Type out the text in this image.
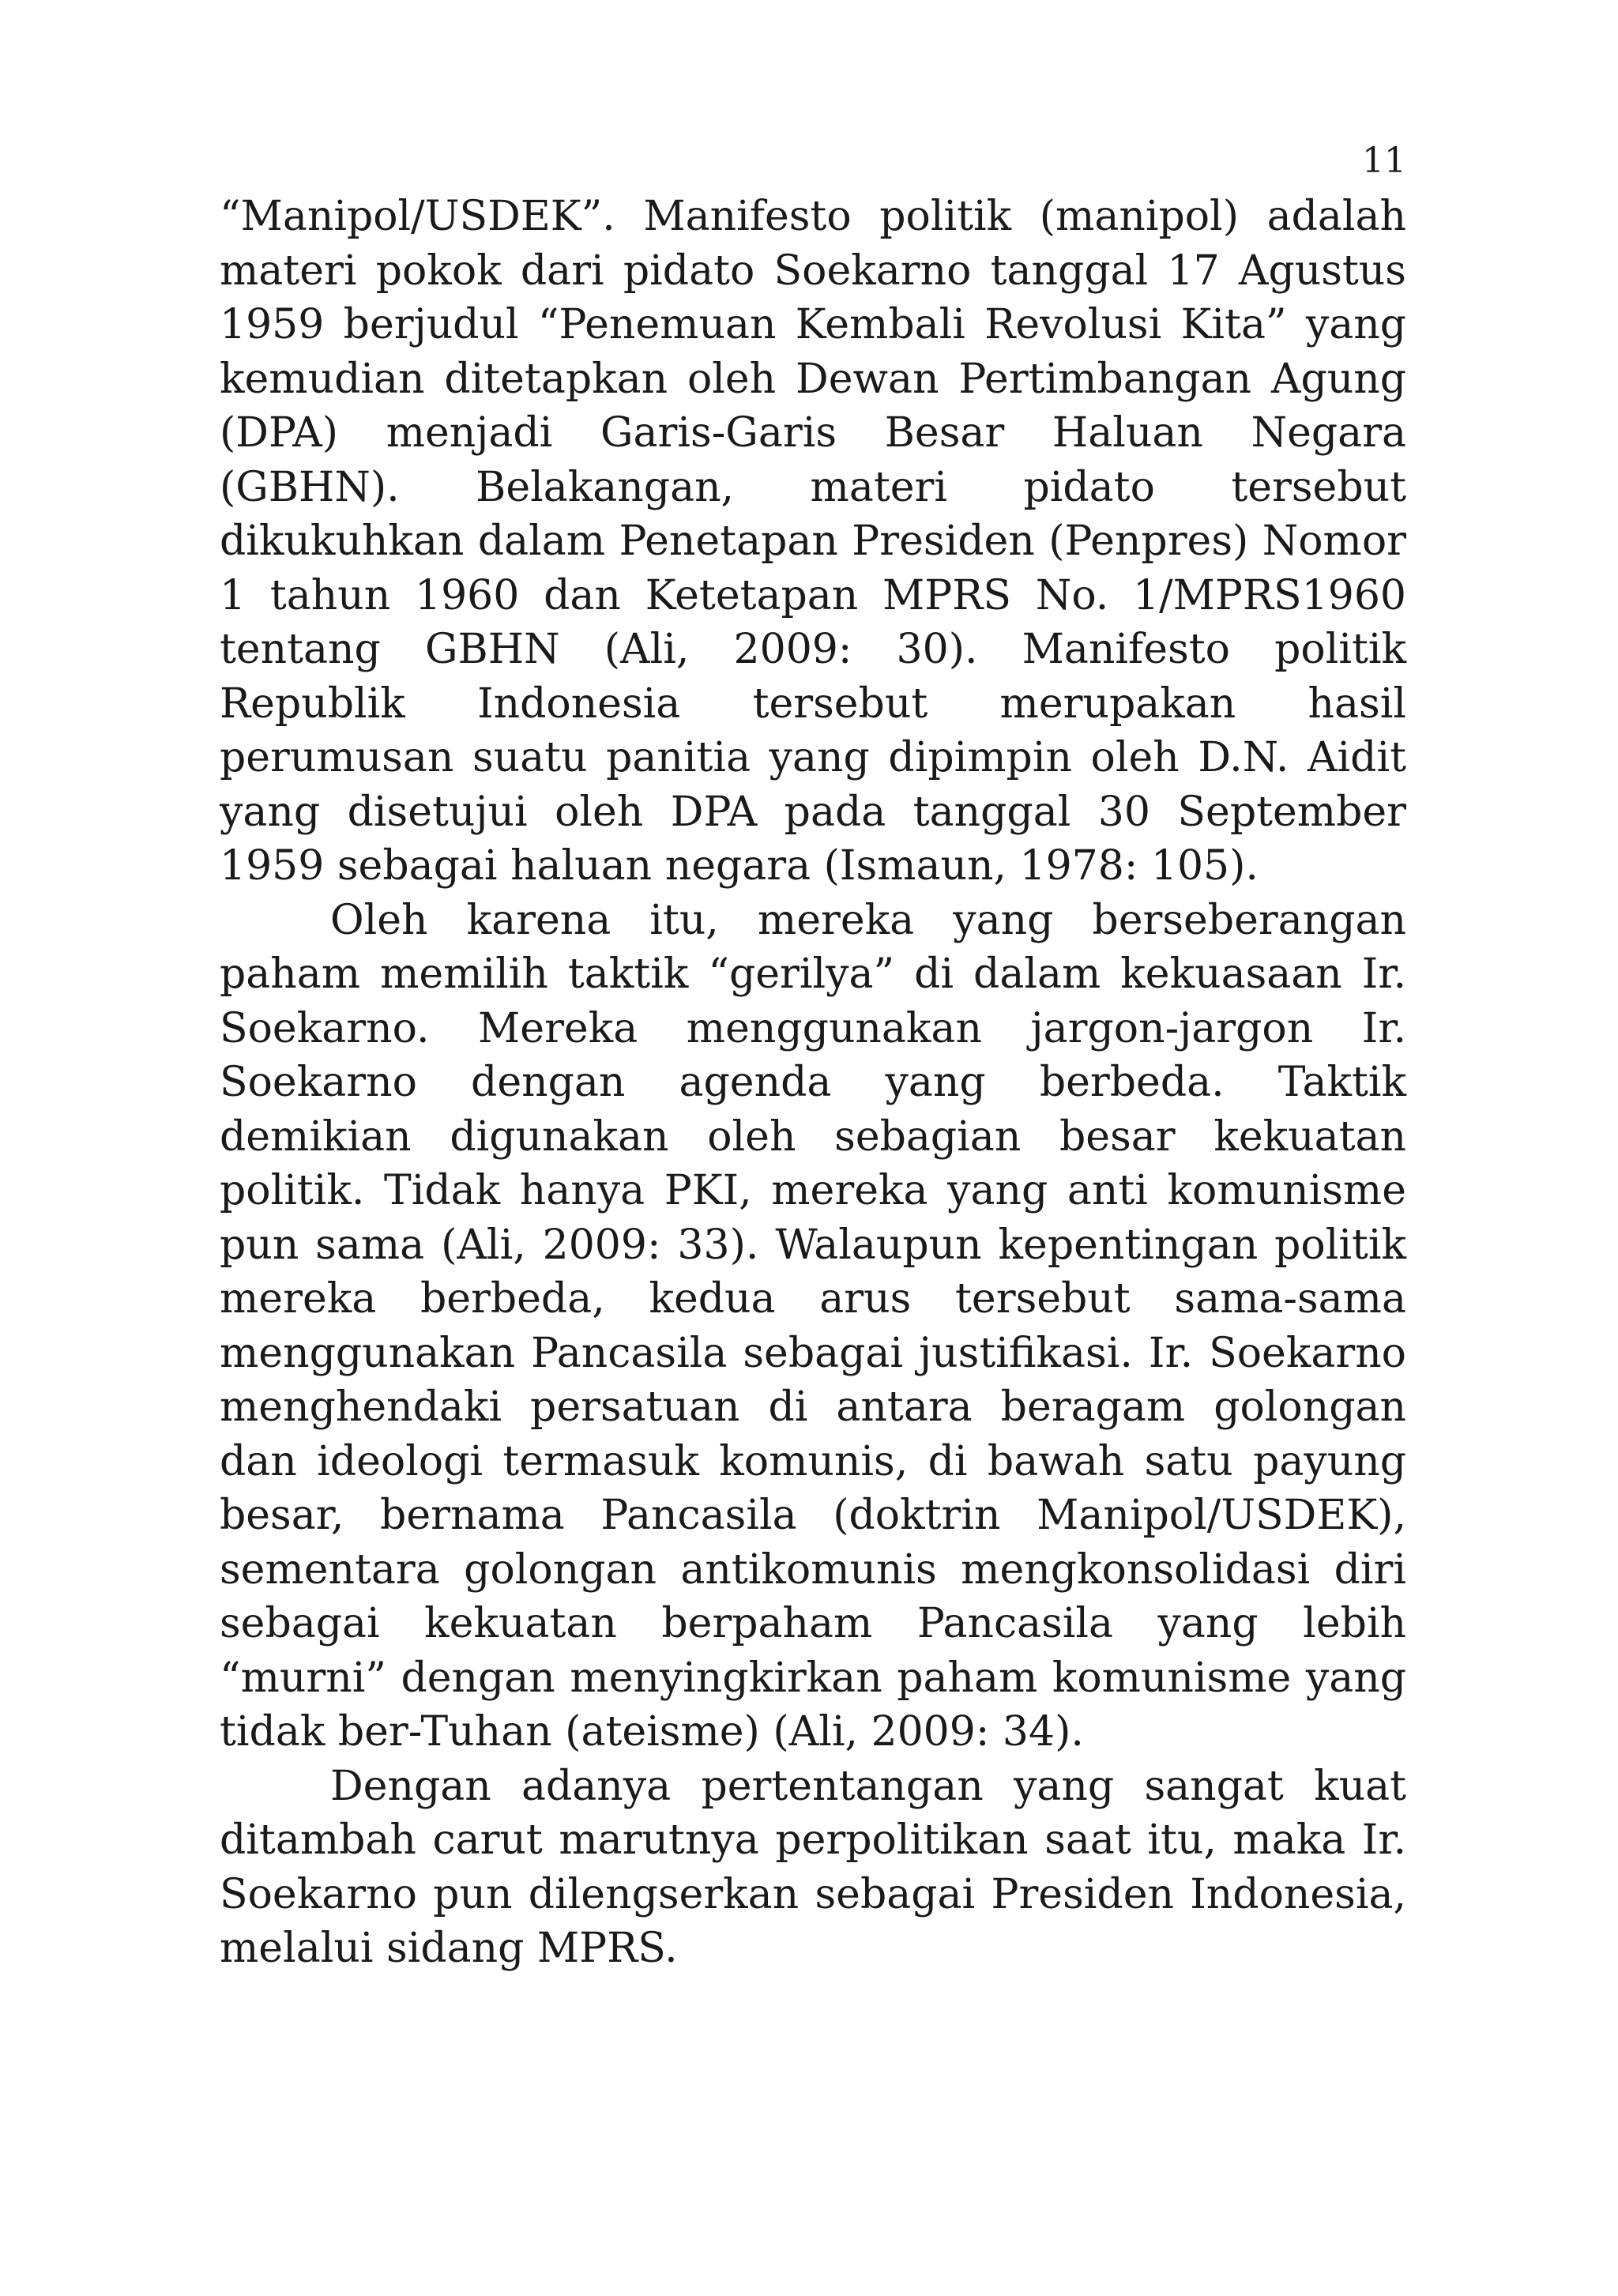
11

“Manipol/USDEK”. Manifesto politik (manipol) adalah materi pokok dari pidato Soekarno tanggal 17 Agustus 1959 berjudul “Penemuan Kembali Revolusi Kita” yang kemudian ditetapkan oleh Dewan Pertimbangan Agung (DPA) menjadi Garis-Garis Besar Haluan Negara (GBHN). Belakangan, materi pidato tersebut dikukuhkan dalam Penetapan Presiden (Penpres) Nomor 1 tahun 1960 dan Ketetapan MPRS No. 1/MPRS1960 tentang GBHN (Ali, 2009: 30). Manifesto politik Republik Indonesia tersebut merupakan hasil perumusan suatu panitia yang dipimpin oleh D.N. Aidit yang disetujui oleh DPA pada tanggal 30 September 1959 sebagai haluan negara (Ismaun, 1978: 105).

Oleh karena itu, mereka yang berseberangan paham memilih taktik “gerilya” di dalam kekuasaan Ir. Soekarno. Mereka menggunakan jargon-jargon Ir. Soekarno dengan agenda yang berbeda. Taktik demikian digunakan oleh sebagian besar kekuatan politik. Tidak hanya PKI, mereka yang anti komunisme pun sama (Ali, 2009: 33). Walaupun kepentingan politik mereka berbeda, kedua arus tersebut sama-sama menggunakan Pancasila sebagai justifikasi. Ir. Soekarno menghendaki persatuan di antara beragam golongan dan ideologi termasuk komunis, di bawah satu payung besar, bernama Pancasila (doktrin Manipol/USDEK), sementara golongan antikomunis mengkonsolidasi diri sebagai kekuatan berpaham Pancasila yang lebih “murni” dengan menyingkirkan paham komunisme yang tidak ber-Tuhan (ateisme) (Ali, 2009: 34).

Dengan adanya pertentangan yang sangat kuat ditambah carut marutnya perpolitikan saat itu, maka Ir. Soekarno pun dilengserkan sebagai Presiden Indonesia, melalui sidang MPRS.
